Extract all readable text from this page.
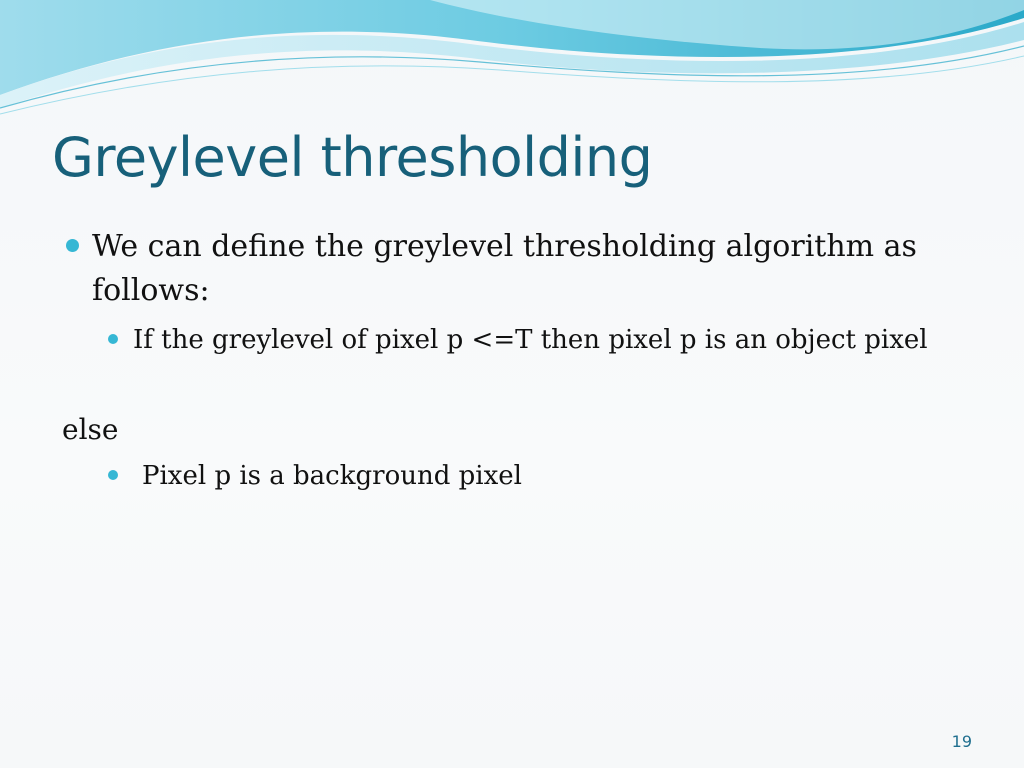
Greylevel thresholding
We can define the greylevel thresholding algorithm as follows:
If the greylevel of pixel p <=T then pixel p is an object pixel
else
Pixel p is a background pixel
19
